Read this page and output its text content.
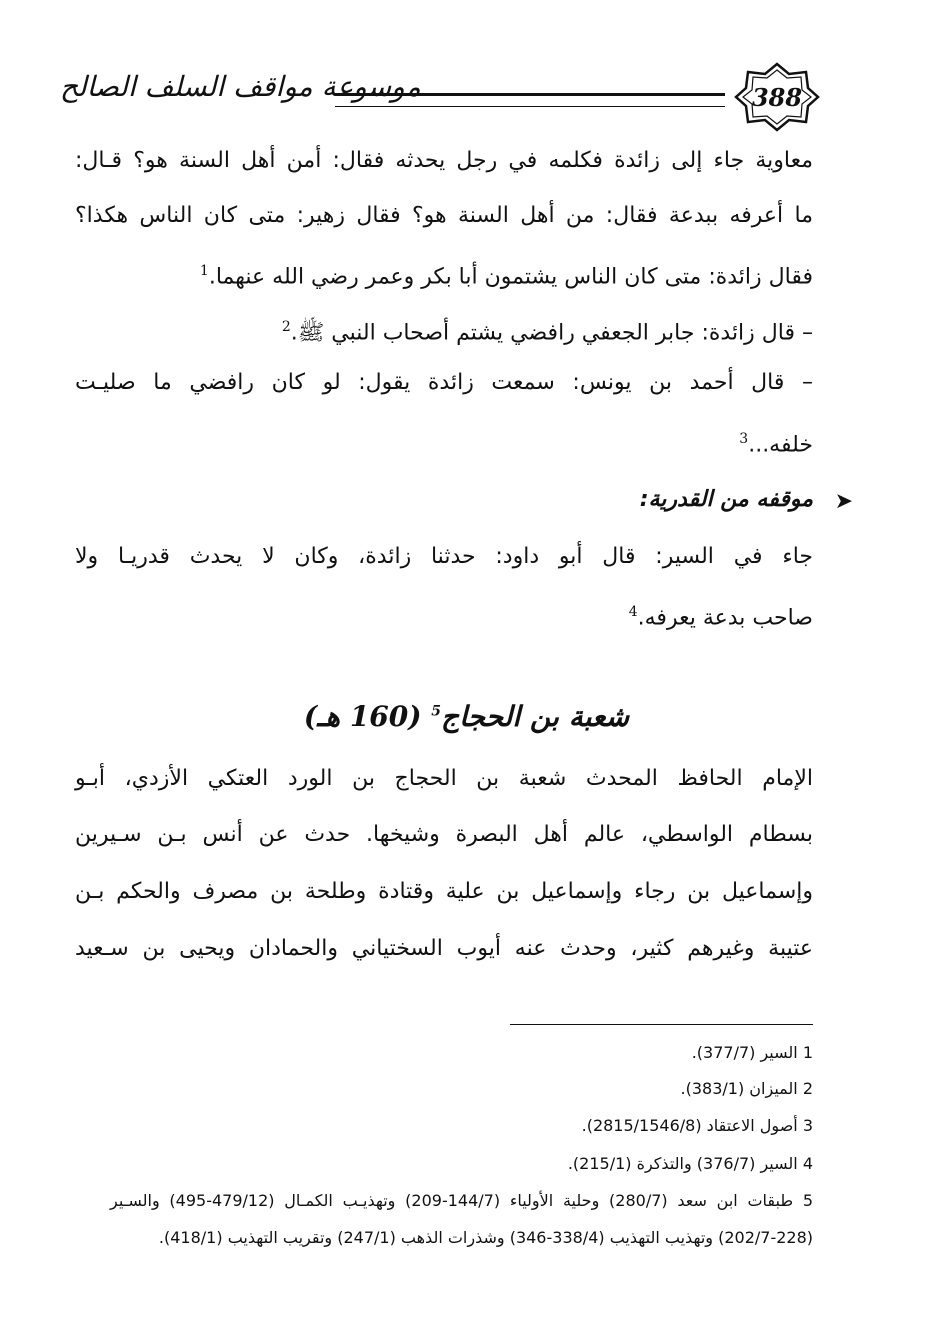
موسوعة مواقف السلف الصالح	388
معاوية جاء إلى زائدة فكلمه في رجل يحدثه فقال: أمن أهل السنة هو؟ قـال:
ما أعرفه ببدعة فقال: من أهل السنة هو؟ فقال زهير: متى كان الناس هكذا؟
فقال زائدة: متى كان الناس يشتمون أبا بكر وعمر رضي الله عنهما.$^1$
– قال زائدة: جابر الجعفي رافضي يشتم أصحاب النبي ﷺ.$^2$
– قال أحمد بن يونس: سمعت زائدة يقول: لو كان رافضي ما صليـت
خلفه...$^3$
➤
موقفه من القدرية:
جاء في السير: قال أبو داود: حدثنا زائدة، وكان لا يحدث قدريـا ولا
صاحب بدعة يعرفه.$^4$
شعبة بن الحجاج$^5$ (160 هـ)
الإمام الحافظ المحدث شعبة بن الحجاج بن الورد العتكي الأزدي، أبـو
بسطام الواسطي، عالم أهل البصرة وشيخها. حدث عن أنس بـن سـيرين
وإسماعيل بن رجاء وإسماعيل بن علية وقتادة وطلحة بن مصرف والحكم بـن
عتيبة وغيرهم كثير، وحدث عنه أيوب السختياني والحمادان ويحيى بن سـعيد
1 السير (377/7).
2 الميزان (383/1).
3 أصول الاعتقاد (2815/1546/8).
4 السير (376/7) والتذكرة (215/1).
5 طبقات ابن سعد (280/7) وحلية الأولياء (144/7-209) وتهذيـب الكمـال (479/12-495) والسـير
(202/7-228) وتهذيب التهذيب (338/4-346) وشذرات الذهب (247/1) وتقريب التهذيب (418/1).
